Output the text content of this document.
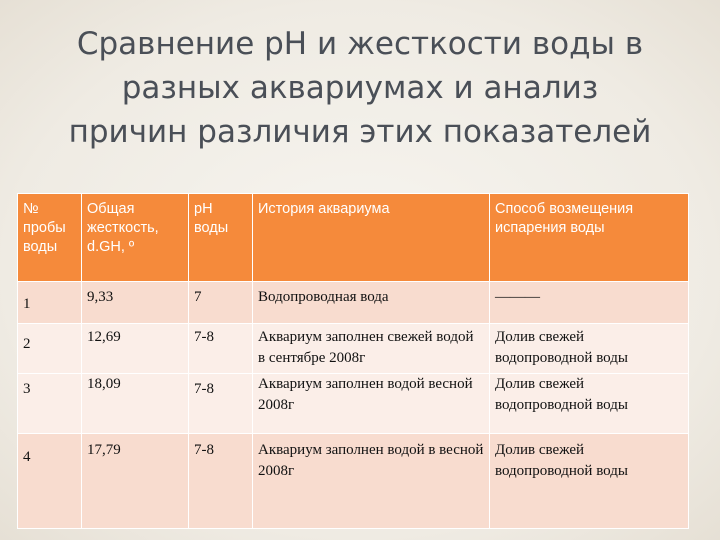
Сравнение рН и жесткости воды в
разных аквариумах и анализ
причин различия этих показателей
№ пробы воды	Общая жесткость, d.GH, º	рН воды	История аквариума	Способ возмещения испарения воды

1	9,33	7	Водопроводная вода	———

2	12,69	7-8	Аквариум заполнен свежей водой в сентябре 2008г	Долив свежей водопроводной воды

3	18,09	7-8	Аквариум заполнен водой весной 2008г	Долив свежей водопроводной воды

4	17,79	7-8	Аквариум заполнен водой в весной 2008г	Долив свежей водопроводной воды
